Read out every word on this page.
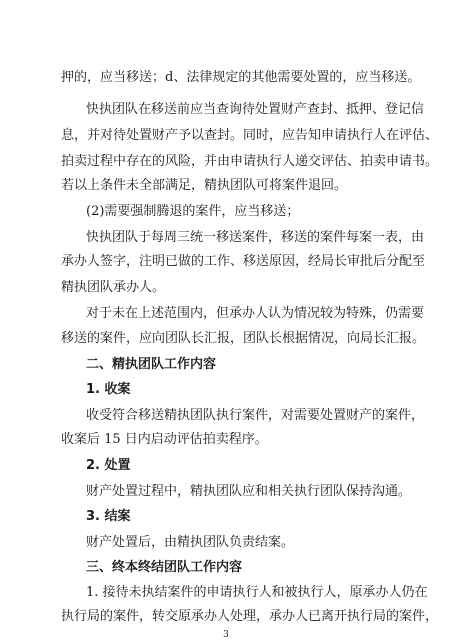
押的，应当移送；d、法律规定的其他需要处置的，应当移送。
快执团队在移送前应当查询待处置财产查封、抵押、登记信
息，并对待处置财产予以查封。同时，应告知申请执行人在评估、
拍卖过程中存在的风险，并由申请执行人递交评估、拍卖申请书。
若以上条件未全部满足，精执团队可将案件退回。
(2)需要强制腾退的案件，应当移送；
快执团队于每周三统一移送案件，移送的案件每案一表，由
承办人签字，注明已做的工作、移送原因，经局长审批后分配至
精执团队承办人。
对于未在上述范围内，但承办人认为情况较为特殊，仍需要
移送的案件，应向团队长汇报，团队长根据情况，向局长汇报。
二、精执团队工作内容
1. 收案
收受符合移送精执团队执行案件，对需要处置财产的案件，
收案后 15 日内启动评估拍卖程序。
2. 处置
财产处置过程中，精执团队应和相关执行团队保持沟通。
3. 结案
财产处置后，由精执团队负责结案。
三、终本终结团队工作内容
1. 接待未执结案件的申请执行人和被执行人，原承办人仍在
执行局的案件，转交原承办人处理，承办人已离开执行局的案件，
3
